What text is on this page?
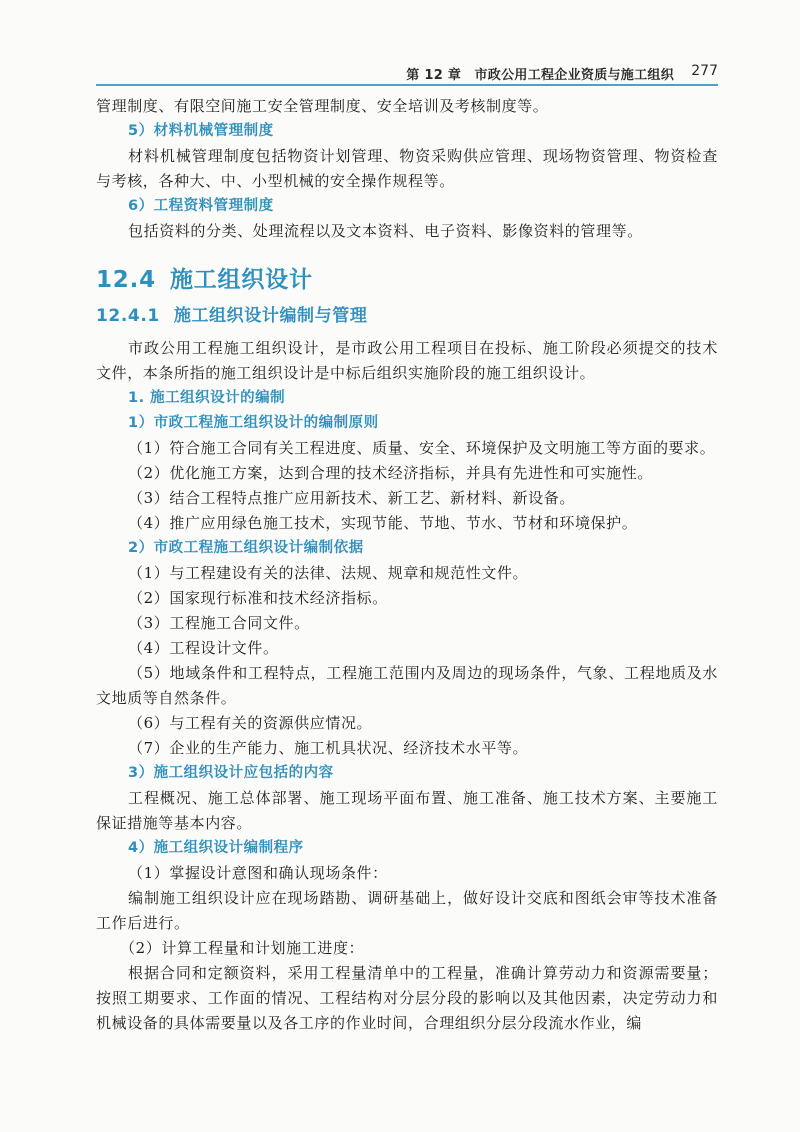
第 12 章　市政公用工程企业资质与施工组织 277

管理制度、有限空间施工安全管理制度、安全培训及考核制度等。

5）材料机械管理制度

材料机械管理制度包括物资计划管理、物资采购供应管理、现场物资管理、物资检查与考核，各种大、中、小型机械的安全操作规程等。

6）工程资料管理制度

包括资料的分类、处理流程以及文本资料、电子资料、影像资料的管理等。

12.4 施工组织设计
12.4.1 施工组织设计编制与管理

市政公用工程施工组织设计，是市政公用工程项目在投标、施工阶段必须提交的技术文件，本条所指的施工组织设计是中标后组织实施阶段的施工组织设计。

1. 施工组织设计的编制

1）市政工程施工组织设计的编制原则

（1）符合施工合同有关工程进度、质量、安全、环境保护及文明施工等方面的要求。

（2）优化施工方案，达到合理的技术经济指标，并具有先进性和可实施性。

（3）结合工程特点推广应用新技术、新工艺、新材料、新设备。

（4）推广应用绿色施工技术，实现节能、节地、节水、节材和环境保护。

2）市政工程施工组织设计编制依据

（1）与工程建设有关的法律、法规、规章和规范性文件。

（2）国家现行标准和技术经济指标。

（3）工程施工合同文件。

（4）工程设计文件。

（5）地域条件和工程特点，工程施工范围内及周边的现场条件，气象、工程地质及水文地质等自然条件。

（6）与工程有关的资源供应情况。

（7）企业的生产能力、施工机具状况、经济技术水平等。

3）施工组织设计应包括的内容

工程概况、施工总体部署、施工现场平面布置、施工准备、施工技术方案、主要施工保证措施等基本内容。

4）施工组织设计编制程序

（1）掌握设计意图和确认现场条件：

编制施工组织设计应在现场踏勘、调研基础上，做好设计交底和图纸会审等技术准备工作后进行。

（2）计算工程量和计划施工进度：

根据合同和定额资料，采用工程量清单中的工程量，准确计算劳动力和资源需要量；按照工期要求、工作面的情况、工程结构对分层分段的影响以及其他因素，决定劳动力和机械设备的具体需要量以及各工序的作业时间，合理组织分层分段流水作业，编
